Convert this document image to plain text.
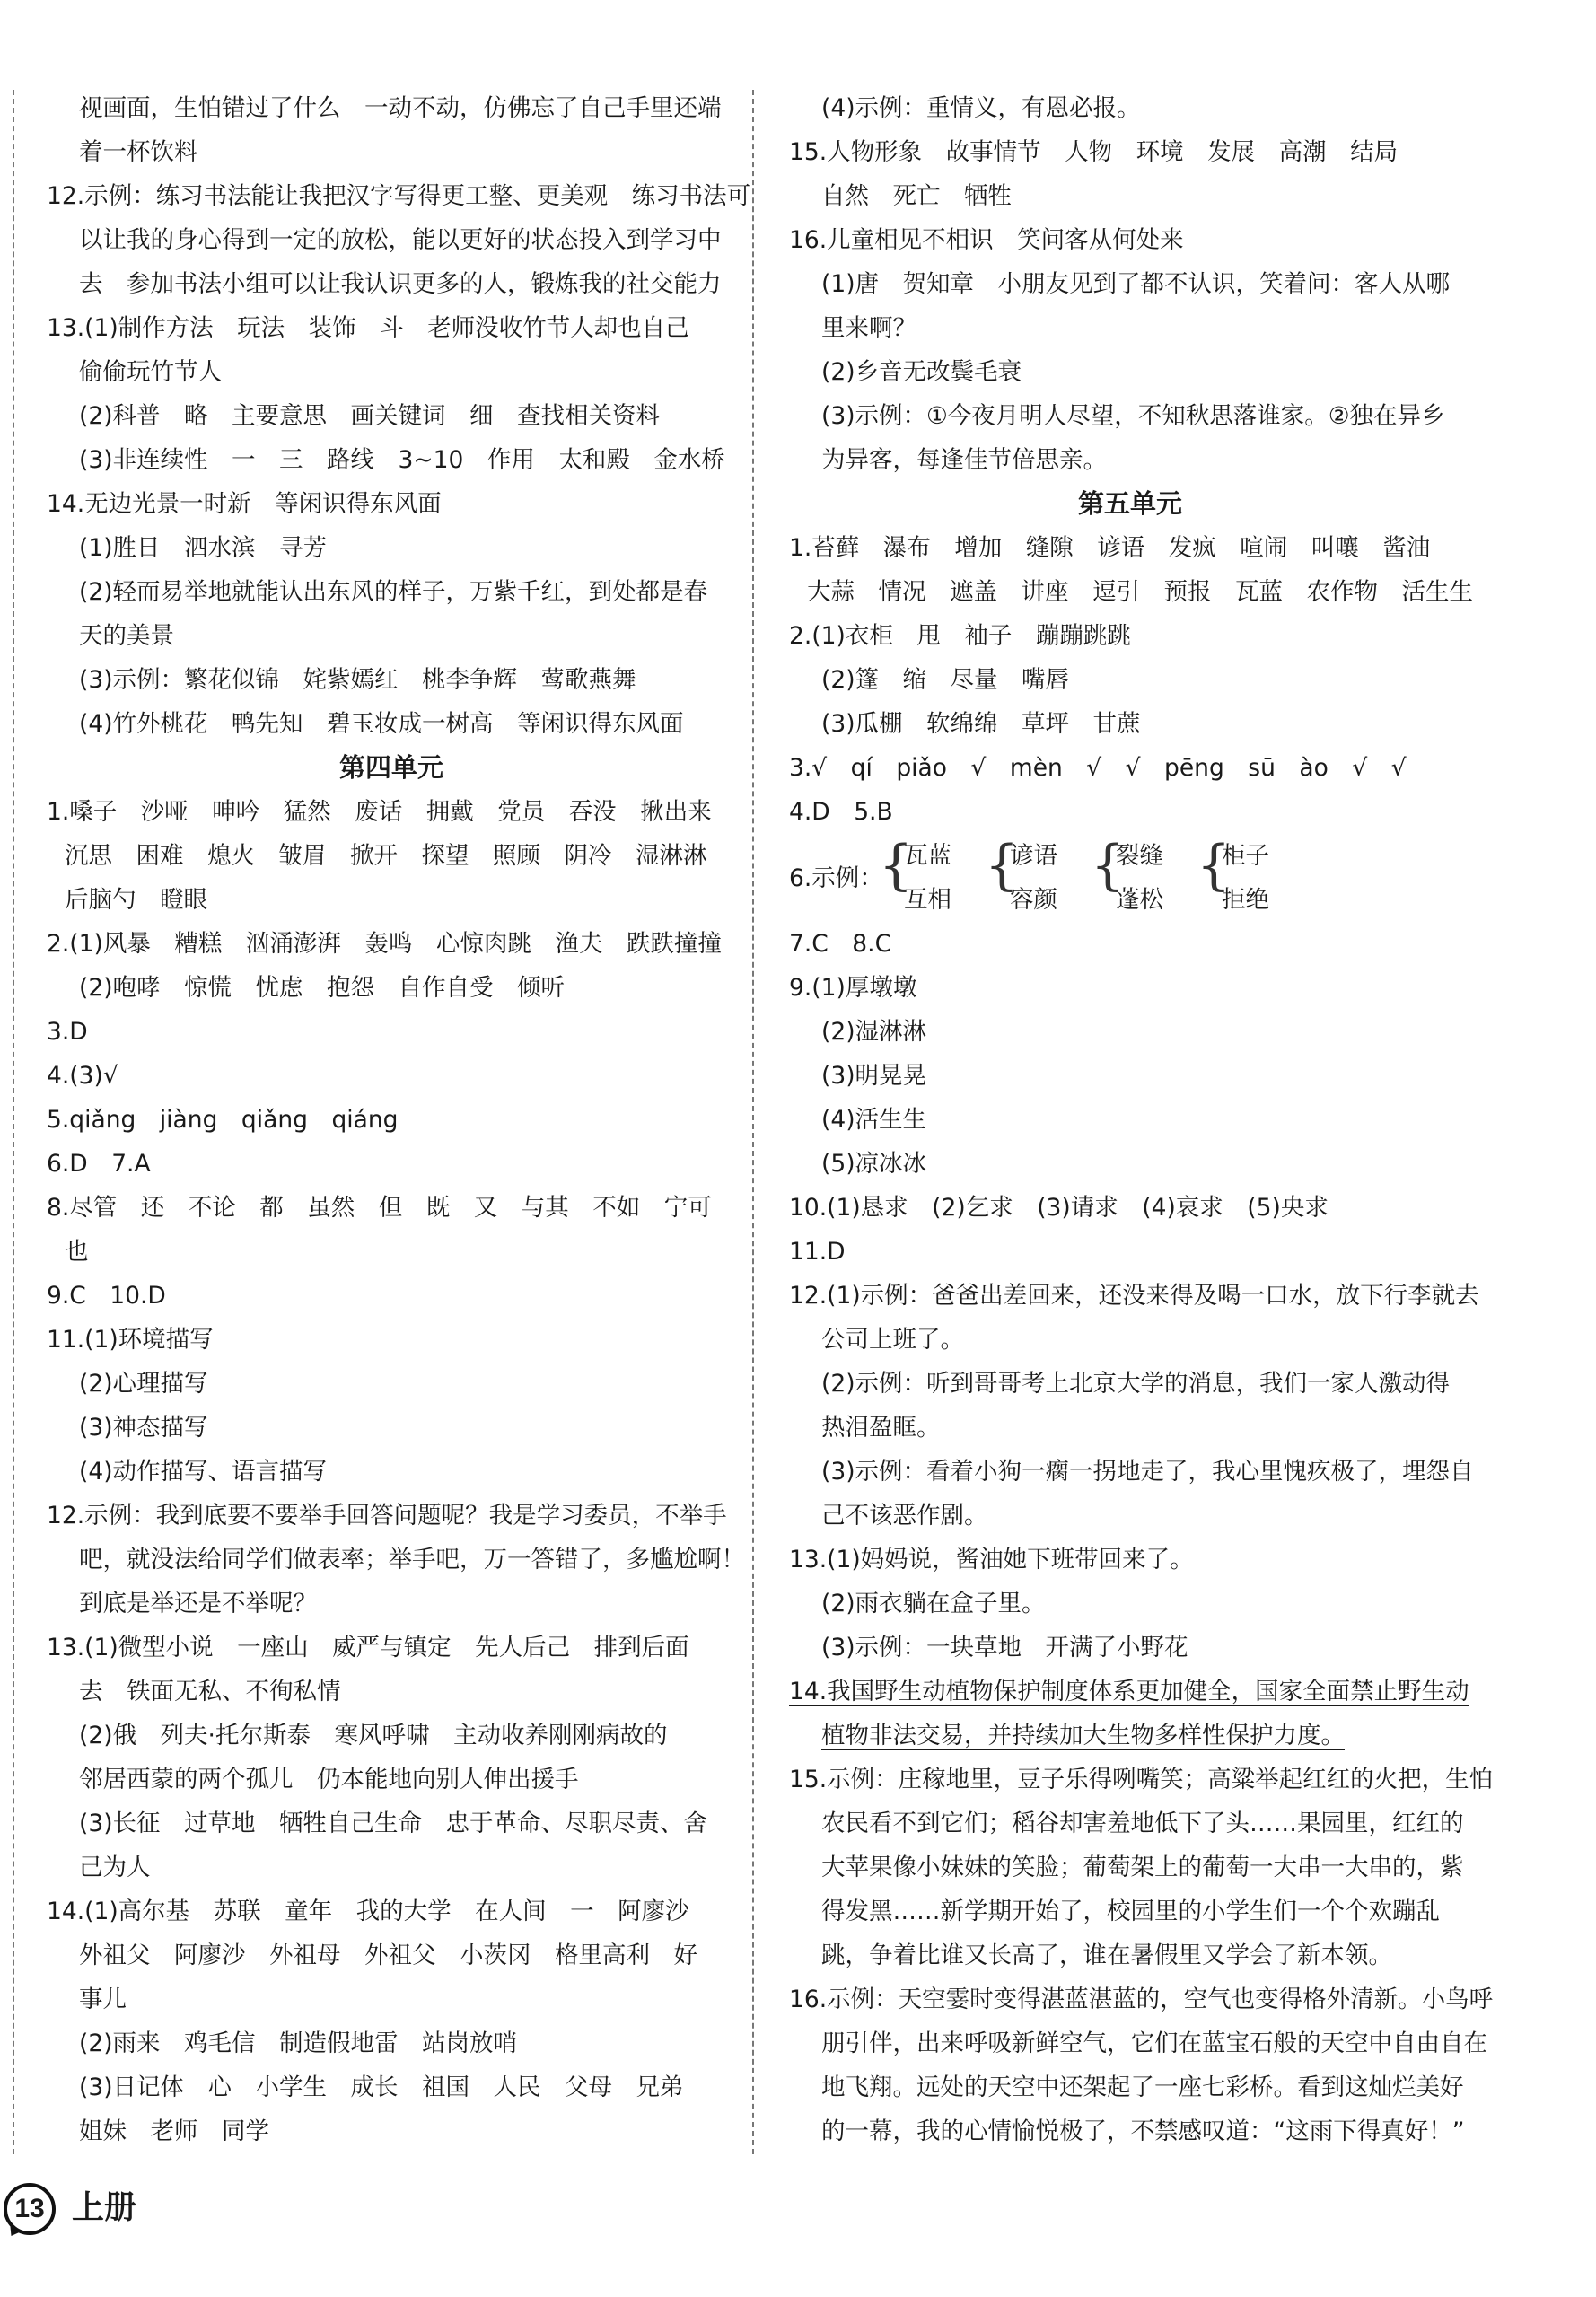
视画面，生怕错过了什么　一动不动，仿佛忘了自己手里还端
着一杯饮料
12.示例：练习书法能让我把汉字写得更工整、更美观　练习书法可
以让我的身心得到一定的放松，能以更好的状态投入到学习中
去　参加书法小组可以让我认识更多的人，锻炼我的社交能力
13.(1)制作方法　玩法　装饰　斗　老师没收竹节人却也自己
偷偷玩竹节人
(2)科普　略　主要意思　画关键词　细　查找相关资料
(3)非连续性　一　三　路线　3~10　作用　太和殿　金水桥
14.无边光景一时新　等闲识得东风面
(1)胜日　泗水滨　寻芳
(2)轻而易举地就能认出东风的样子，万紫千红，到处都是春
天的美景
(3)示例：繁花似锦　姹紫嫣红　桃李争辉　莺歌燕舞
(4)竹外桃花　鸭先知　碧玉妆成一树高　等闲识得东风面
第四单元
1.嗓子　沙哑　呻吟　猛然　废话　拥戴　党员　吞没　揪出来
沉思　困难　熄火　皱眉　掀开　探望　照顾　阴冷　湿淋淋
后脑勺　瞪眼
2.(1)风暴　糟糕　汹涌澎湃　轰鸣　心惊肉跳　渔夫　跌跌撞撞
(2)咆哮　惊慌　忧虑　抱怨　自作自受　倾听
3.D
4.(3)√
5.qiǎng　jiàng　qiǎng　qiáng
6.D　7.A
8.尽管　还　不论　都　虽然　但　既　又　与其　不如　宁可
也
9.C　10.D
11.(1)环境描写
(2)心理描写
(3)神态描写
(4)动作描写、语言描写
12.示例：我到底要不要举手回答问题呢？我是学习委员，不举手
吧，就没法给同学们做表率；举手吧，万一答错了，多尴尬啊！
到底是举还是不举呢？
13.(1)微型小说　一座山　威严与镇定　先人后己　排到后面
去　铁面无私、不徇私情
(2)俄　列夫·托尔斯泰　寒风呼啸　主动收养刚刚病故的
邻居西蒙的两个孤儿　仍本能地向别人伸出援手
(3)长征　过草地　牺牲自己生命　忠于革命、尽职尽责、舍
己为人
14.(1)高尔基　苏联　童年　我的大学　在人间　一　阿廖沙
外祖父　阿廖沙　外祖母　外祖父　小茨冈　格里高利　好
事儿
(2)雨来　鸡毛信　制造假地雷　站岗放哨
(3)日记体　心　小学生　成长　祖国　人民　父母　兄弟
姐妹　老师　同学
(4)示例：重情义，有恩必报。
15.人物形象　故事情节　人物　环境　发展　高潮　结局
自然　死亡　牺牲
16.儿童相见不相识　笑问客从何处来
(1)唐　贺知章　小朋友见到了都不认识，笑着问：客人从哪
里来啊？
(2)乡音无改鬓毛衰
(3)示例：①今夜月明人尽望，不知秋思落谁家。②独在异乡
为异客，每逢佳节倍思亲。
第五单元
1.苔藓　瀑布　增加　缝隙　谚语　发疯　喧闹　叫嚷　酱油
大蒜　情况　遮盖　讲座　逗引　预报　瓦蓝　农作物　活生生
2.(1)衣柜　甩　袖子　蹦蹦跳跳
(2)篷　缩　尽量　嘴唇
(3)瓜棚　软绵绵　草坪　甘蔗
3.√　qí　piǎo　√　mèn　√　√　pēng　sū　ào　√　√
4.D　5.B
6.示例：
{
瓦蓝
互相
{
谚语
容颜
{
裂缝
蓬松
{
柜子
拒绝
7.C　8.C
9.(1)厚墩墩
(2)湿淋淋
(3)明晃晃
(4)活生生
(5)凉冰冰
10.(1)恳求　(2)乞求　(3)请求　(4)哀求　(5)央求
11.D
12.(1)示例：爸爸出差回来，还没来得及喝一口水，放下行李就去
公司上班了。
(2)示例：听到哥哥考上北京大学的消息，我们一家人激动得
热泪盈眶。
(3)示例：看着小狗一瘸一拐地走了，我心里愧疚极了，埋怨自
己不该恶作剧。
13.(1)妈妈说，酱油她下班带回来了。
(2)雨衣躺在盒子里。
(3)示例：一块草地　开满了小野花
14.我国野生动植物保护制度体系更加健全，国家全面禁止野生动
植物非法交易，并持续加大生物多样性保护力度。
15.示例：庄稼地里，豆子乐得咧嘴笑；高粱举起红红的火把，生怕
农民看不到它们；稻谷却害羞地低下了头……果园里，红红的
大苹果像小妹妹的笑脸；葡萄架上的葡萄一大串一大串的，紫
得发黑……新学期开始了，校园里的小学生们一个个欢蹦乱
跳，争着比谁又长高了，谁在暑假里又学会了新本领。
16.示例：天空霎时变得湛蓝湛蓝的，空气也变得格外清新。小鸟呼
朋引伴，出来呼吸新鲜空气，它们在蓝宝石般的天空中自由自在
地飞翔。远处的天空中还架起了一座七彩桥。看到这灿烂美好
的一幕，我的心情愉悦极了，不禁感叹道：“这雨下得真好！”
13 上册
